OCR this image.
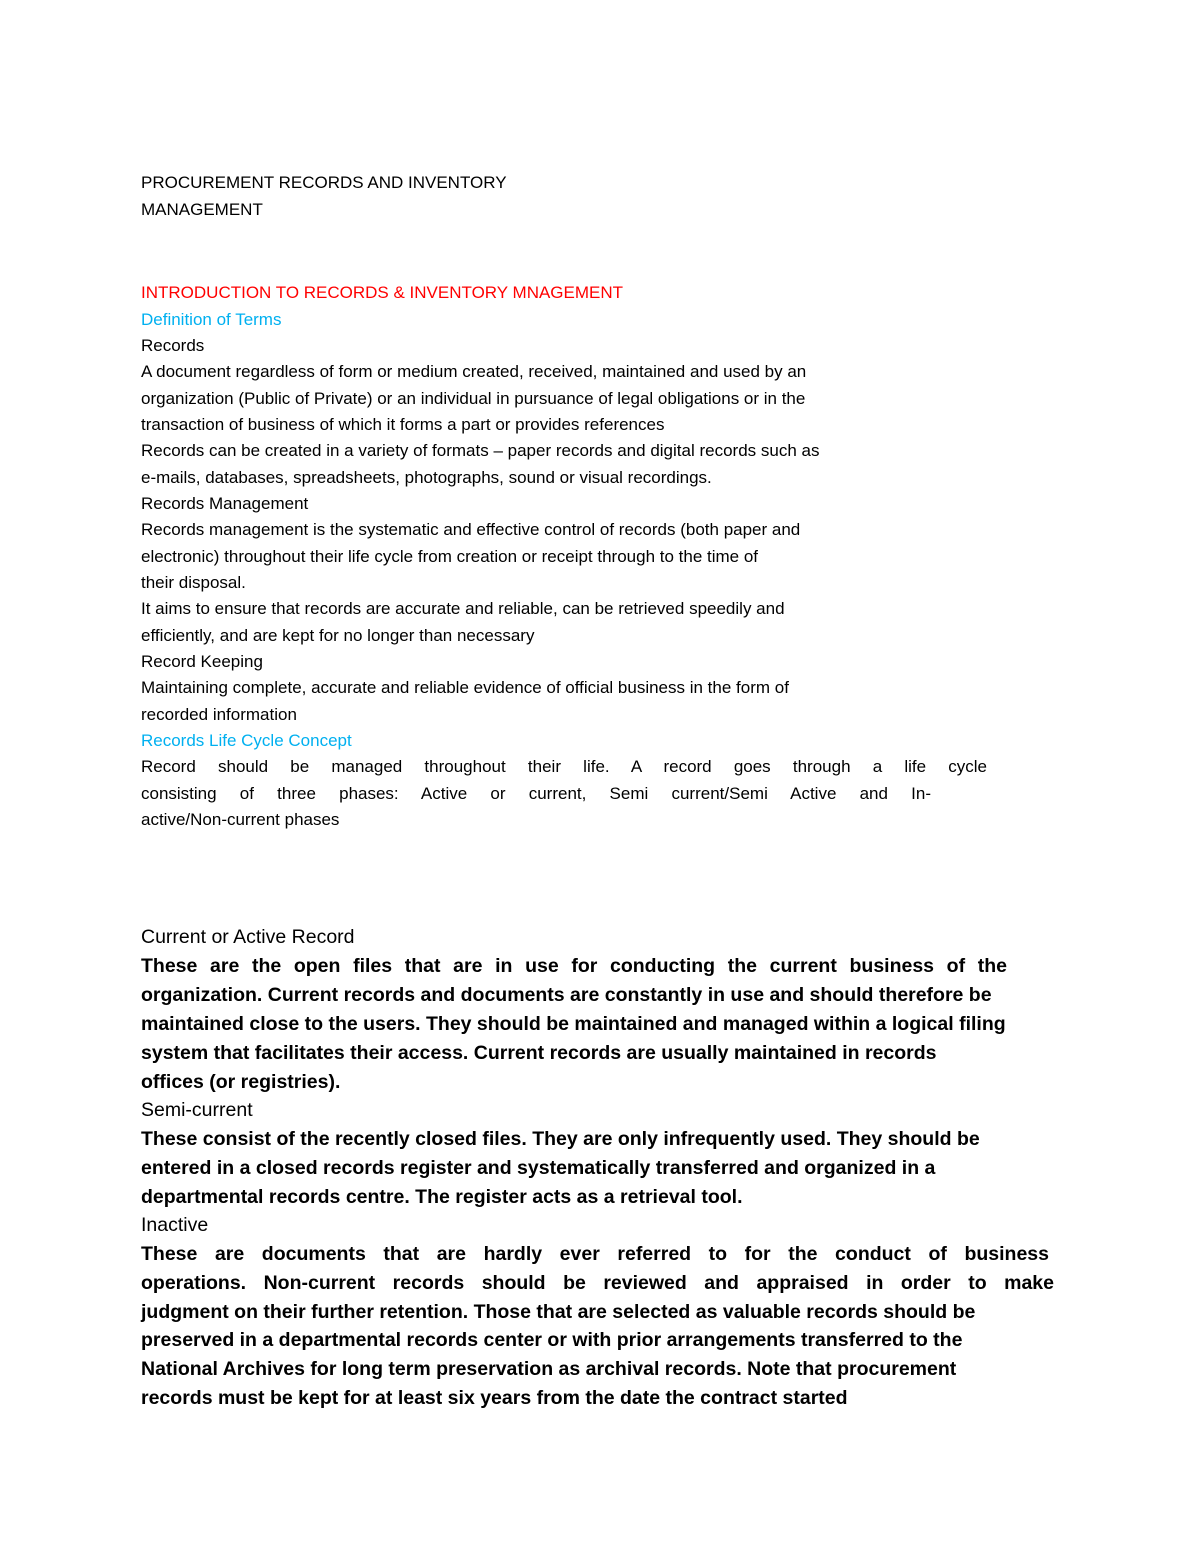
PROCUREMENT RECORDS AND INVENTORY

MANAGEMENT

INTRODUCTION TO RECORDS & INVENTORY MNAGEMENT

Definition of Terms

Records

A document regardless of form or medium created, received, maintained and used by an

organization (Public of Private) or an individual in pursuance of legal obligations or in the

transaction of business of which it forms a part or provides references

Records can be created in a variety of formats – paper records and digital records such as

e-mails, databases, spreadsheets, photographs, sound or visual recordings.

Records Management

Records management is the systematic and effective control of records (both paper and

electronic) throughout their life cycle from creation or receipt through to the time of

their disposal.

It aims to ensure that records are accurate and reliable, can be retrieved speedily and

efficiently, and are kept for no longer than necessary

Record Keeping

Maintaining complete, accurate and reliable evidence of official business in the form of

recorded information

Records Life Cycle Concept

Record should be managed throughout their life. A record goes through a life cycle

consisting of three phases: Active or current, Semi current/Semi Active and In-

active/Non-current phases

Current or Active Record

These are the open files that are in use for conducting the current business of the

organization. Current records and documents are constantly in use and should therefore be

maintained close to the users. They should be maintained and managed within a logical filing

system that facilitates their access. Current records are usually maintained in records

offices (or registries).

Semi-current

These consist of the recently closed files. They are only infrequently used. They should be

entered in a closed records register and systematically transferred and organized in a

departmental records centre. The register acts as a retrieval tool.

Inactive

These are documents that are hardly ever referred to for the conduct of business

operations. Non-current records should be reviewed and appraised in order to make

judgment on their further retention. Those that are selected as valuable records should be

preserved in a departmental records center or with prior arrangements transferred to the

National Archives for long term preservation as archival records. Note that procurement

records must be kept for at least six years from the date the contract started
